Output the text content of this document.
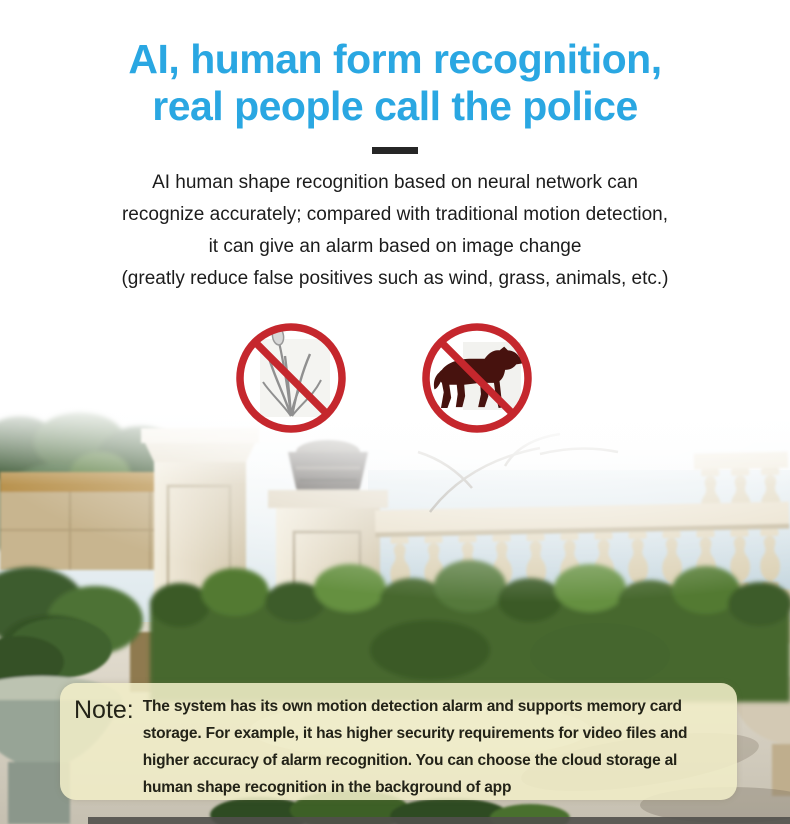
AI, human form recognition,
real people call the police
AI human shape recognition based on neural network can
recognize accurately; compared with traditional motion detection,
it can give an alarm based on image change
(greatly reduce false positives such as wind, grass, animals, etc.)
Note: The system has its own motion detection alarm and supports memory card storage. For example, it has higher security requirements for video files and higher accuracy of alarm recognition. You can choose the cloud storage al human shape recognition in the background of app
